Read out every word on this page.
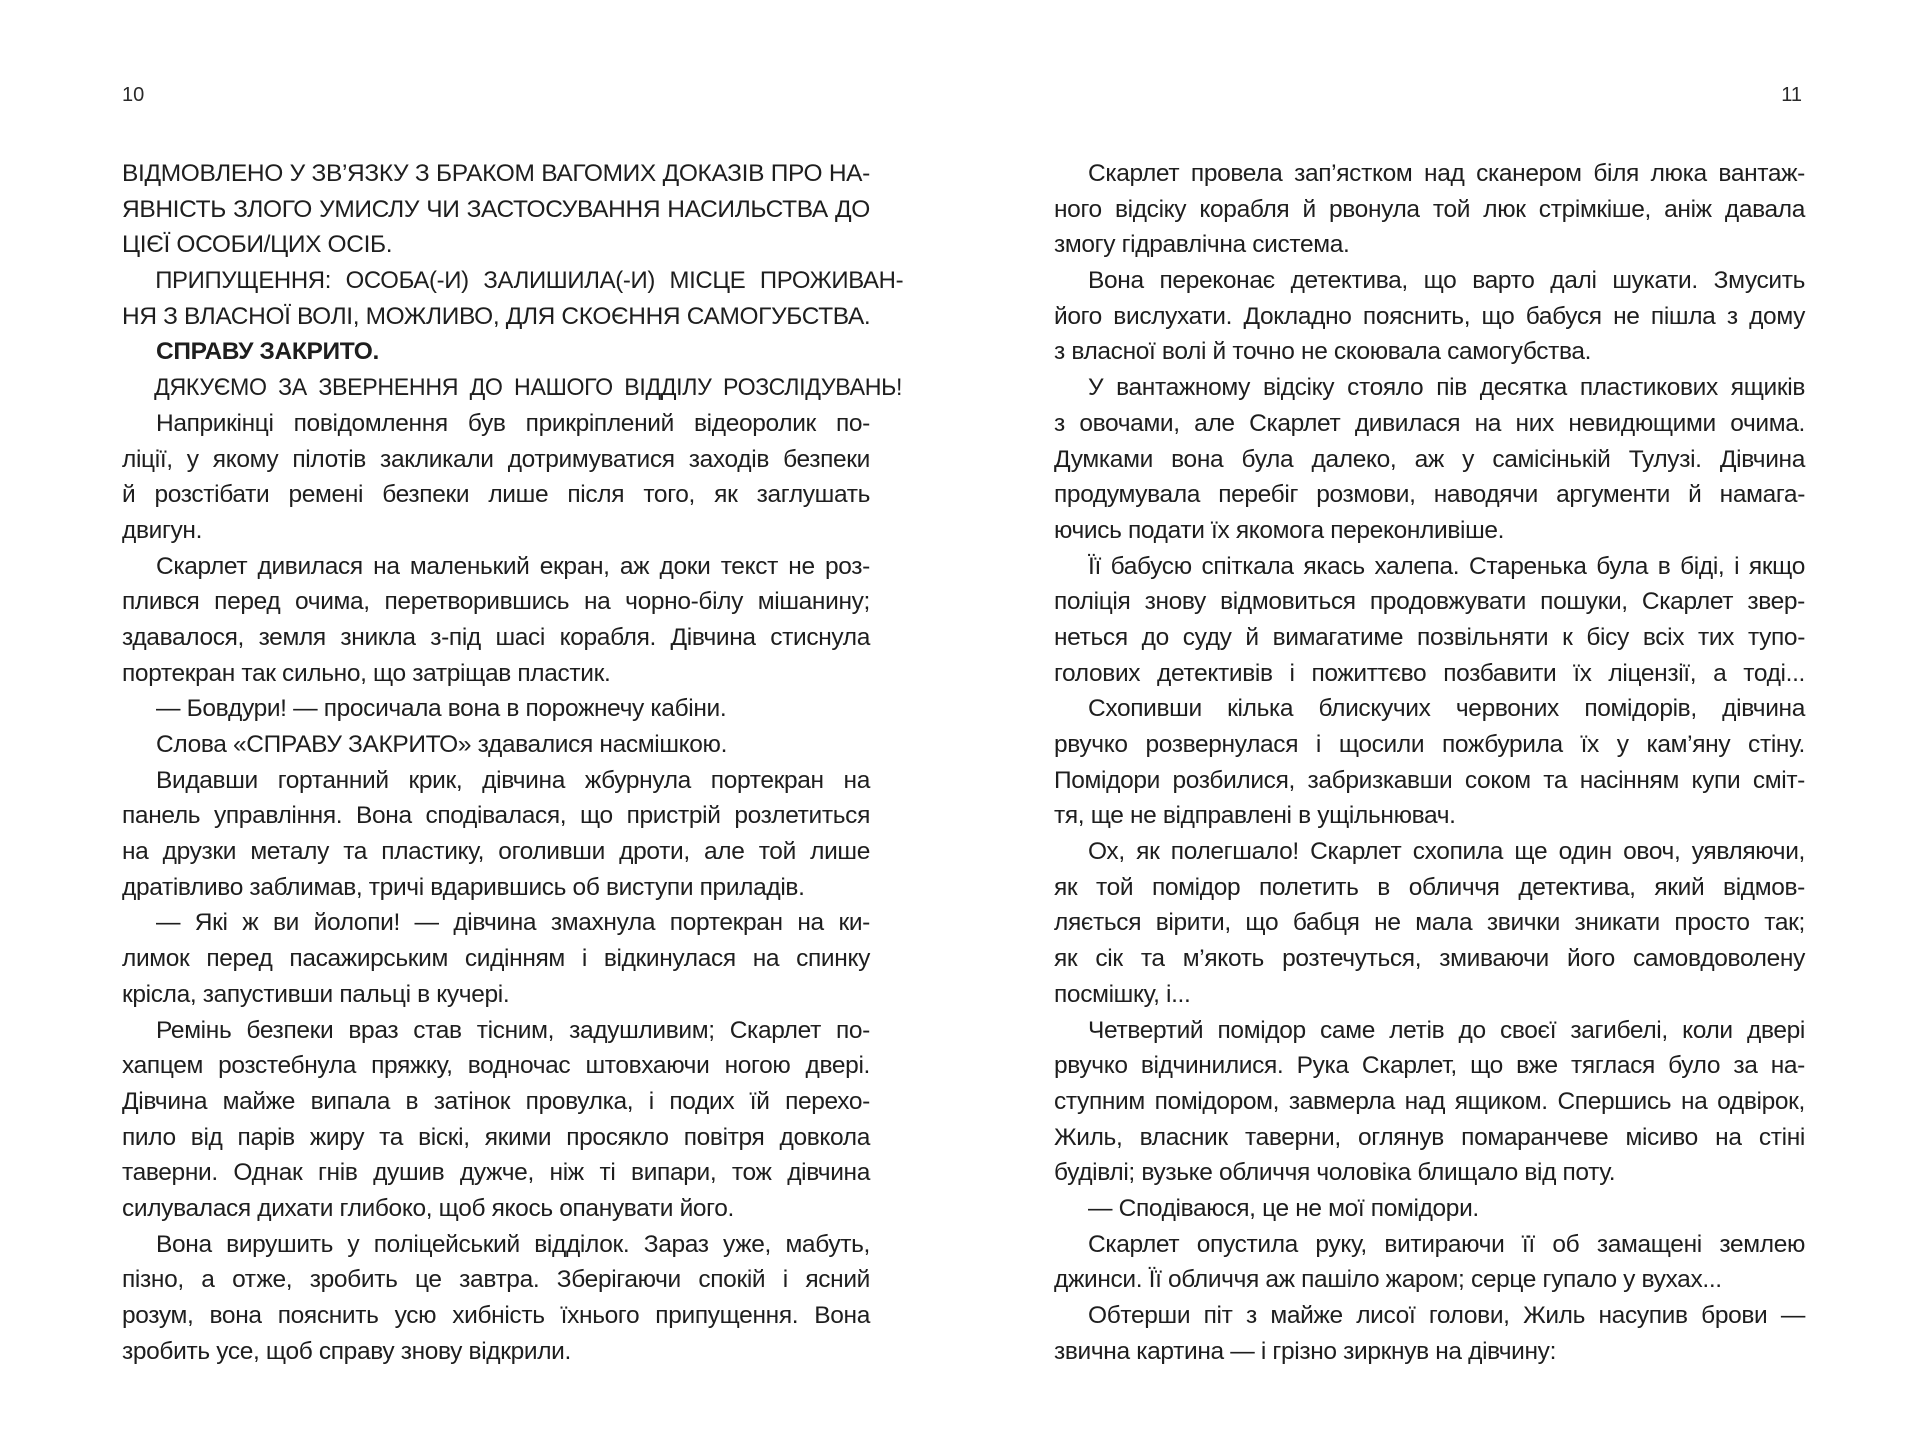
10
ВІДМОВЛЕНО У ЗВ’ЯЗКУ З БРАКОМ ВАГОМИХ ДОКАЗІВ ПРО НА-
ЯВНІСТЬ ЗЛОГО УМИСЛУ ЧИ ЗАСТОСУВАННЯ НАСИЛЬСТВА ДО
ЦІЄЇ ОСОБИ/ЦИХ ОСІБ.
ПРИПУЩЕННЯ: ОСОБА(-И) ЗАЛИШИЛА(-И) МІСЦЕ ПРОЖИВАН-
НЯ З ВЛАСНОЇ ВОЛІ, МОЖЛИВО, ДЛЯ СКОЄННЯ САМОГУБСТВА.
СПРАВУ ЗАКРИТО.
ДЯКУЄМО ЗА ЗВЕРНЕННЯ ДО НАШОГО ВІДДІЛУ РОЗСЛІДУВАНЬ!
Наприкінці повідомлення був прикріплений відеоролик по-
ліції, у якому пілотів закликали дотримуватися заходів безпеки
й розстібати ремені безпеки лише після того, як заглушать
двигун.
Скарлет дивилася на маленький екран, аж доки текст не роз-
плився перед очима, перетворившись на чорно-білу мішанину;
здавалося, земля зникла з-під шасі корабля. Дівчина стиснула
портекран так сильно, що затріщав пластик.
— Бовдури! — просичала вона в порожнечу кабіни.
Слова «СПРАВУ ЗАКРИТО» здавалися насмішкою.
Видавши гортанний крик, дівчина жбурнула портекран на
панель управління. Вона сподівалася, що пристрій розлетиться
на друзки металу та пластику, оголивши дроти, але той лише
дратівливо заблимав, тричі вдарившись об виступи приладів.
— Які ж ви йолопи! — дівчина змахнула портекран на ки-
лимок перед пасажирським сидінням і відкинулася на спинку
крісла, запустивши пальці в кучері.
Ремінь безпеки враз став тісним, задушливим; Скарлет по-
хапцем розстебнула пряжку, водночас штовхаючи ногою двері.
Дівчина майже випала в затінок провулка, і подих їй перехо-
пило від парів жиру та віскі, якими просякло повітря довкола
таверни. Однак гнів душив дужче, ніж ті випари, тож дівчина
силувалася дихати глибоко, щоб якось опанувати його.
Вона вирушить у поліцейський відділок. Зараз уже, мабуть,
пізно, а отже, зробить це завтра. Зберігаючи спокій і ясний
розум, вона пояснить усю хибність їхнього припущення. Вона
зробить усе, щоб справу знову відкрили.
11
Скарлет провела зап’ястком над сканером біля люка вантаж-
ного відсіку корабля й рвонула той люк стрімкіше, аніж давала
змогу гідравлічна система.
Вона переконає детектива, що варто далі шукати. Змусить
його вислухати. Докладно пояснить, що бабуся не пішла з дому
з власної волі й точно не скоювала самогубства.
У вантажному відсіку стояло пів десятка пластикових ящиків
з овочами, але Скарлет дивилася на них невидющими очима.
Думками вона була далеко, аж у самісінькій Тулузі. Дівчина
продумувала перебіг розмови, наводячи аргументи й намага-
ючись подати їх якомога переконливіше.
Її бабусю спіткала якась халепа. Старенька була в біді, і якщо
поліція знову відмовиться продовжувати пошуки, Скарлет звер-
неться до суду й вимагатиме позвільняти к бісу всіх тих тупо-
голових детективів і пожиттєво позбавити їх ліцензії, а тоді...
Схопивши кілька блискучих червоних помідорів, дівчина
рвучко розвернулася і щосили пожбурила їх у кам’яну стіну.
Помідори розбилися, забризкавши соком та насінням купи сміт-
тя, ще не відправлені в ущільнювач.
Ох, як полегшало! Скарлет схопила ще один овоч, уявляючи,
як той помідор полетить в обличчя детектива, який відмов-
ляється вірити, що бабця не мала звички зникати просто так;
як сік та м’якоть розтечуться, змиваючи його самовдоволену
посмішку, і...
Четвертий помідор саме летів до своєї загибелі, коли двері
рвучко відчинилися. Рука Скарлет, що вже тяглася було за на-
ступним помідором, завмерла над ящиком. Спершись на одвірок,
Жиль, власник таверни, оглянув помаранчеве місиво на стіні
будівлі; вузьке обличчя чоловіка блищало від поту.
— Сподіваюся, це не мої помідори.
Скарлет опустила руку, витираючи її об замащені землею
джинси. Її обличчя аж пашіло жаром; серце гупало у вухах...
Обтерши піт з майже лисої голови, Жиль насупив брови —
звична картина — і грізно зиркнув на дівчину:
